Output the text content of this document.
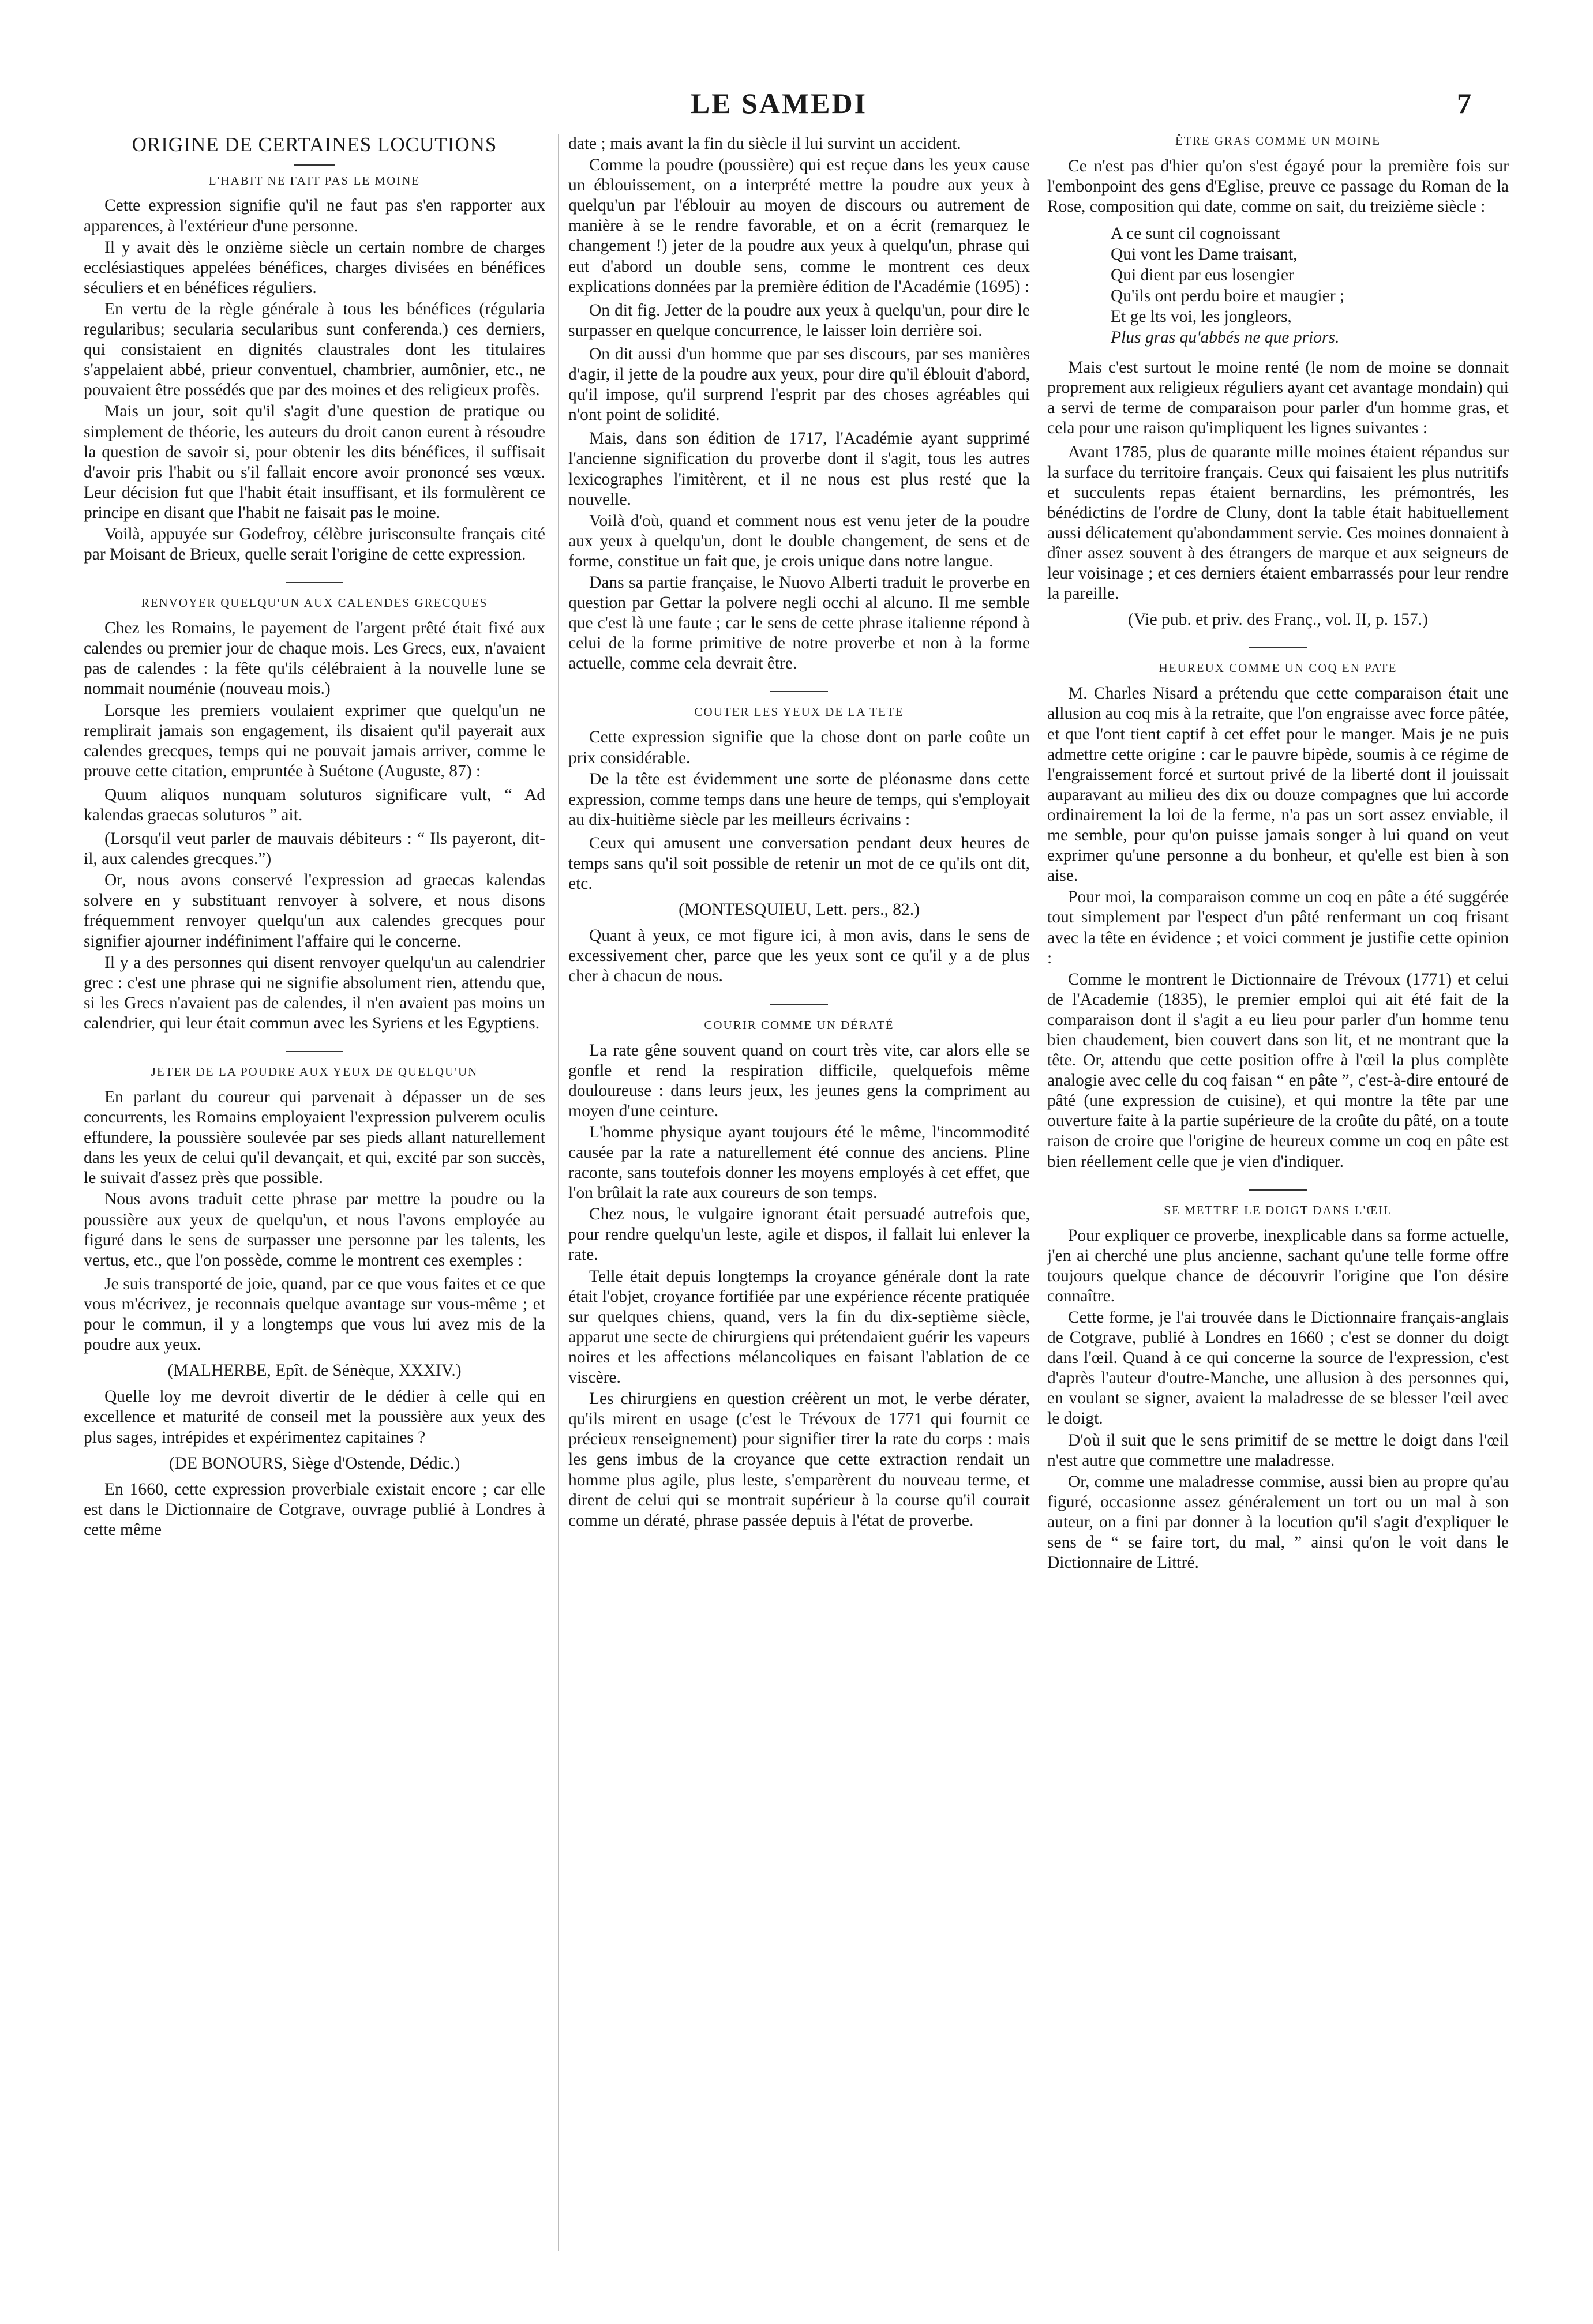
LE SAMEDI	7
ORIGINE DE CERTAINES LOCUTIONS
L'HABIT NE FAIT PAS LE MOINE

Cette expression signifie qu'il ne faut pas s'en rapporter aux apparences, à l'extérieur d'une personne.

Il y avait dès le onzième siècle un certain nombre de charges ecclésiastiques appelées bénéfices, charges divisées en bénéfices séculiers et en bénéfices réguliers.

En vertu de la règle générale à tous les bénéfices (régularia regularibus; secularia secularibus sunt conferenda.) ces derniers, qui consistaient en dignités claustrales dont les titulaires s'appelaient abbé, prieur conventuel, chambrier, aumônier, etc., ne pouvaient être possédés que par des moines et des religieux profès.

Mais un jour, soit qu'il s'agit d'une question de pratique ou simplement de théorie, les auteurs du droit canon eurent à résoudre la question de savoir si, pour obtenir les dits bénéfices, il suffisait d'avoir pris l'habit ou s'il fallait encore avoir prononcé ses vœux. Leur décision fut que l'habit était insuffisant, et ils formulèrent ce principe en disant que l'habit ne faisait pas le moine.

Voilà, appuyée sur Godefroy, célèbre jurisconsulte français cité par Moisant de Brieux, quelle serait l'origine de cette expression.

RENVOYER QUELQU'UN AUX CALENDES GRECQUES

Chez les Romains, le payement de l'argent prêté était fixé aux calendes ou premier jour de chaque mois. Les Grecs, eux, n'avaient pas de calendes : la fête qu'ils célébraient à la nouvelle lune se nommait nouménie (nouveau mois.)

Lorsque les premiers voulaient exprimer que quelqu'un ne remplirait jamais son engagement, ils disaient qu'il payerait aux calendes grecques, temps qui ne pouvait jamais arriver, comme le prouve cette citation, empruntée à Suétone (Auguste, 87) :

Quum aliquos nunquam soluturos significare vult, “ Ad kalendas graecas soluturos ” ait.

(Lorsqu'il veut parler de mauvais débiteurs : “ Ils payeront, dit-il, aux calendes grecques.”)

Or, nous avons conservé l'expression ad graecas kalendas solvere en y substituant renvoyer à solvere, et nous disons fréquemment renvoyer quelqu'un aux calendes grecques pour signifier ajourner indéfiniment l'affaire qui le concerne.

Il y a des personnes qui disent renvoyer quelqu'un au calendrier grec : c'est une phrase qui ne signifie absolument rien, attendu que, si les Grecs n'avaient pas de calendes, il n'en avaient pas moins un calendrier, qui leur était commun avec les Syriens et les Egyptiens.

JETER DE LA POUDRE AUX YEUX DE QUELQU'UN

En parlant du coureur qui parvenait à dépasser un de ses concurrents, les Romains employaient l'expression pulverem oculis effundere, la poussière soulevée par ses pieds allant naturellement dans les yeux de celui qu'il devançait, et qui, excité par son succès, le suivait d'assez près que possible.

Nous avons traduit cette phrase par mettre la poudre ou la poussière aux yeux de quelqu'un, et nous l'avons employée au figuré dans le sens de surpasser une personne par les talents, les vertus, etc., que l'on possède, comme le montrent ces exemples :

Je suis transporté de joie, quand, par ce que vous faites et ce que vous m'écrivez, je reconnais quelque avantage sur vous-même ; et pour le commun, il y a longtemps que vous lui avez mis de la poudre aux yeux.

(MALHERBE, Epît. de Sénèque, XXXIV.)

Quelle loy me devroit divertir de le dédier à celle qui en excellence et maturité de conseil met la poussière aux yeux des plus sages, intrépides et expérimentez capitaines ?

(DE BONOURS, Siège d'Ostende, Dédic.)

En 1660, cette expression proverbiale existait encore ; car elle est dans le Dictionnaire de Cotgrave, ouvrage publié à Londres à cette même

date ; mais avant la fin du siècle il lui survint un accident.

Comme la poudre (poussière) qui est reçue dans les yeux cause un éblouissement, on a interprété mettre la poudre aux yeux à quelqu'un par l'éblouir au moyen de discours ou autrement de manière à se le rendre favorable, et on a écrit (remarquez le changement !) jeter de la poudre aux yeux à quelqu'un, phrase qui eut d'abord un double sens, comme le montrent ces deux explications données par la première édition de l'Académie (1695) :

On dit fig. Jetter de la poudre aux yeux à quelqu'un, pour dire le surpasser en quelque concurrence, le laisser loin derrière soi.

On dit aussi d'un homme que par ses discours, par ses manières d'agir, il jette de la poudre aux yeux, pour dire qu'il éblouit d'abord, qu'il impose, qu'il surprend l'esprit par des choses agréables qui n'ont point de solidité.

Mais, dans son édition de 1717, l'Académie ayant supprimé l'ancienne signification du proverbe dont il s'agit, tous les autres lexicographes l'imitèrent, et il ne nous est plus resté que la nouvelle.

Voilà d'où, quand et comment nous est venu jeter de la poudre aux yeux à quelqu'un, dont le double changement, de sens et de forme, constitue un fait que, je crois unique dans notre langue.

Dans sa partie française, le Nuovo Alberti traduit le proverbe en question par Gettar la polvere negli occhi al alcuno. Il me semble que c'est là une faute ; car le sens de cette phrase italienne répond à celui de la forme primitive de notre proverbe et non à la forme actuelle, comme cela devrait être.

COUTER LES YEUX DE LA TETE

Cette expression signifie que la chose dont on parle coûte un prix considérable.

De la tête est évidemment une sorte de pléonasme dans cette expression, comme temps dans une heure de temps, qui s'employait au dix-huitième siècle par les meilleurs écrivains :

Ceux qui amusent une conversation pendant deux heures de temps sans qu'il soit possible de retenir un mot de ce qu'ils ont dit, etc.

(MONTESQUIEU, Lett. pers., 82.)

Quant à yeux, ce mot figure ici, à mon avis, dans le sens de excessivement cher, parce que les yeux sont ce qu'il y a de plus cher à chacun de nous.

COURIR COMME UN DÉRATÉ

La rate gêne souvent quand on court très vite, car alors elle se gonfle et rend la respiration difficile, quelquefois même douloureuse : dans leurs jeux, les jeunes gens la compriment au moyen d'une ceinture.

L'homme physique ayant toujours été le même, l'incommodité causée par la rate a naturellement été connue des anciens. Pline raconte, sans toutefois donner les moyens employés à cet effet, que l'on brûlait la rate aux coureurs de son temps.

Chez nous, le vulgaire ignorant était persuadé autrefois que, pour rendre quelqu'un leste, agile et dispos, il fallait lui enlever la rate.

Telle était depuis longtemps la croyance générale dont la rate était l'objet, croyance fortifiée par une expérience récente pratiquée sur quelques chiens, quand, vers la fin du dix-septième siècle, apparut une secte de chirurgiens qui prétendaient guérir les vapeurs noires et les affections mélancoliques en faisant l'ablation de ce viscère.

Les chirurgiens en question créèrent un mot, le verbe dérater, qu'ils mirent en usage (c'est le Trévoux de 1771 qui fournit ce précieux renseignement) pour signifier tirer la rate du corps : mais les gens imbus de la croyance que cette extraction rendait un homme plus agile, plus leste, s'emparèrent du nouveau terme, et dirent de celui qui se montrait supérieur à la course qu'il courait comme un dératé, phrase passée depuis à l'état de proverbe.

ÊTRE GRAS COMME UN MOINE

Ce n'est pas d'hier qu'on s'est égayé pour la première fois sur l'embonpoint des gens d'Eglise, preuve ce passage du Roman de la Rose, composition qui date, comme on sait, du treizième siècle :

A ce sunt cil cognoissant
Qui vont les Dame traisant,
Qui dient par eus losengier
Qu'ils ont perdu boire et maugier ;
Et ge lts voi, les jongleors,
Plus gras qu'abbés ne que priors.

Mais c'est surtout le moine renté (le nom de moine se donnait proprement aux religieux réguliers ayant cet avantage mondain) qui a servi de terme de comparaison pour parler d'un homme gras, et cela pour une raison qu'impliquent les lignes suivantes :

Avant 1785, plus de quarante mille moines étaient répandus sur la surface du territoire français. Ceux qui faisaient les plus nutritifs et succulents repas étaient bernardins, les prémontrés, les bénédictins de l'ordre de Cluny, dont la table était habituellement aussi délicatement qu'abondamment servie. Ces moines donnaient à dîner assez souvent à des étrangers de marque et aux seigneurs de leur voisinage ; et ces derniers étaient embarrassés pour leur rendre la pareille.

(Vie pub. et priv. des Franç., vol. II, p. 157.)

HEUREUX COMME UN COQ EN PATE

M. Charles Nisard a prétendu que cette comparaison était une allusion au coq mis à la retraite, que l'on engraisse avec force pâtée, et que l'ont tient captif à cet effet pour le manger. Mais je ne puis admettre cette origine : car le pauvre bipède, soumis à ce régime de l'engraissement forcé et surtout privé de la liberté dont il jouissait auparavant au milieu des dix ou douze compagnes que lui accorde ordinairement la loi de la ferme, n'a pas un sort assez enviable, il me semble, pour qu'on puisse jamais songer à lui quand on veut exprimer qu'une personne a du bonheur, et qu'elle est bien à son aise.

Pour moi, la comparaison comme un coq en pâte a été suggérée tout simplement par l'espect d'un pâté renfermant un coq frisant avec la tête en évidence ; et voici comment je justifie cette opinion :

Comme le montrent le Dictionnaire de Trévoux (1771) et celui de l'Academie (1835), le premier emploi qui ait été fait de la comparaison dont il s'agit a eu lieu pour parler d'un homme tenu bien chaudement, bien couvert dans son lit, et ne montrant que la tête. Or, attendu que cette position offre à l'œil la plus complète analogie avec celle du coq faisan “ en pâte ”, c'est-à-dire entouré de pâté (une expression de cuisine), et qui montre la tête par une ouverture faite à la partie supérieure de la croûte du pâté, on a toute raison de croire que l'origine de heureux comme un coq en pâte est bien réellement celle que je vien d'indiquer.

SE METTRE LE DOIGT DANS L'ŒIL

Pour expliquer ce proverbe, inexplicable dans sa forme actuelle, j'en ai cherché une plus ancienne, sachant qu'une telle forme offre toujours quelque chance de découvrir l'origine que l'on désire connaître.

Cette forme, je l'ai trouvée dans le Dictionnaire français-anglais de Cotgrave, publié à Londres en 1660 ; c'est se donner du doigt dans l'œil. Quand à ce qui concerne la source de l'expression, c'est d'après l'auteur d'outre-Manche, une allusion à des personnes qui, en voulant se signer, avaient la maladresse de se blesser l'œil avec le doigt.

D'où il suit que le sens primitif de se mettre le doigt dans l'œil n'est autre que commettre une maladresse.

Or, comme une maladresse commise, aussi bien au propre qu'au figuré, occasionne assez généralement un tort ou un mal à son auteur, on a fini par donner à la locution qu'il s'agit d'expliquer le sens de “ se faire tort, du mal, ” ainsi qu'on le voit dans le Dictionnaire de Littré.
